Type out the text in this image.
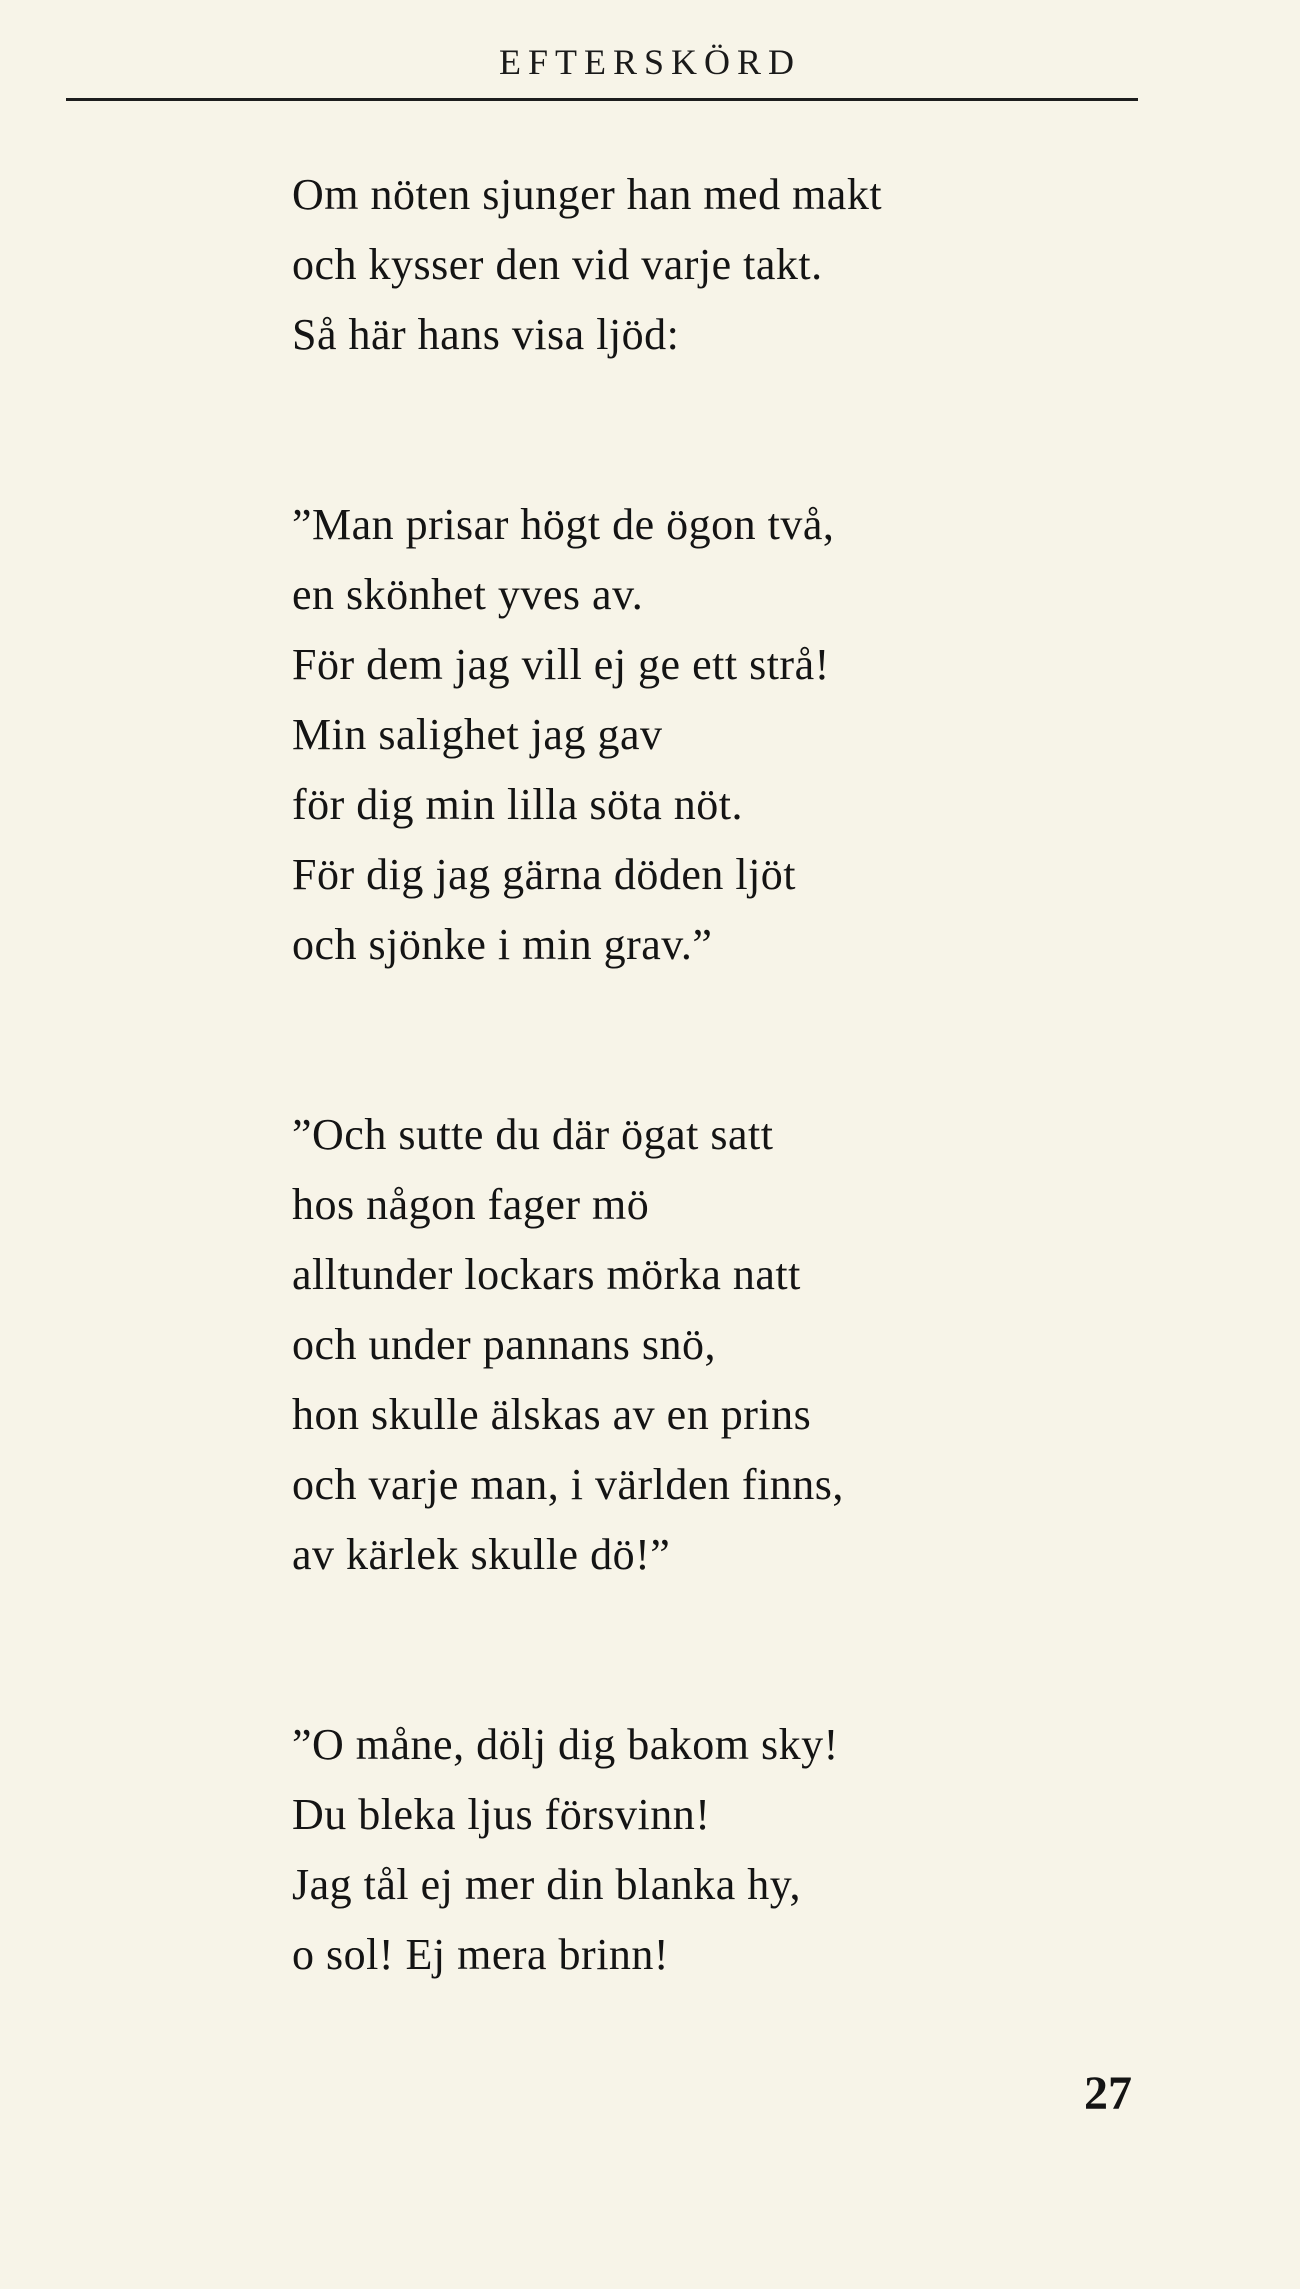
EFTERSKÖRD
Om nöten sjunger han med makt
och kysser den vid varje takt.
Så här hans visa ljöd:
”Man prisar högt de ögon två,
en skönhet yves av.
För dem jag vill ej ge ett strå!
Min salighet jag gav
för dig min lilla söta nöt.
För dig jag gärna döden ljöt
och sjönke i min grav.”
”Och sutte du där ögat satt
hos någon fager mö
alltunder lockars mörka natt
och under pannans snö,
hon skulle älskas av en prins
och varje man, i världen finns,
av kärlek skulle dö!”
”O måne, dölj dig bakom sky!
Du bleka ljus försvinn!
Jag tål ej mer din blanka hy,
o sol! Ej mera brinn!
27
